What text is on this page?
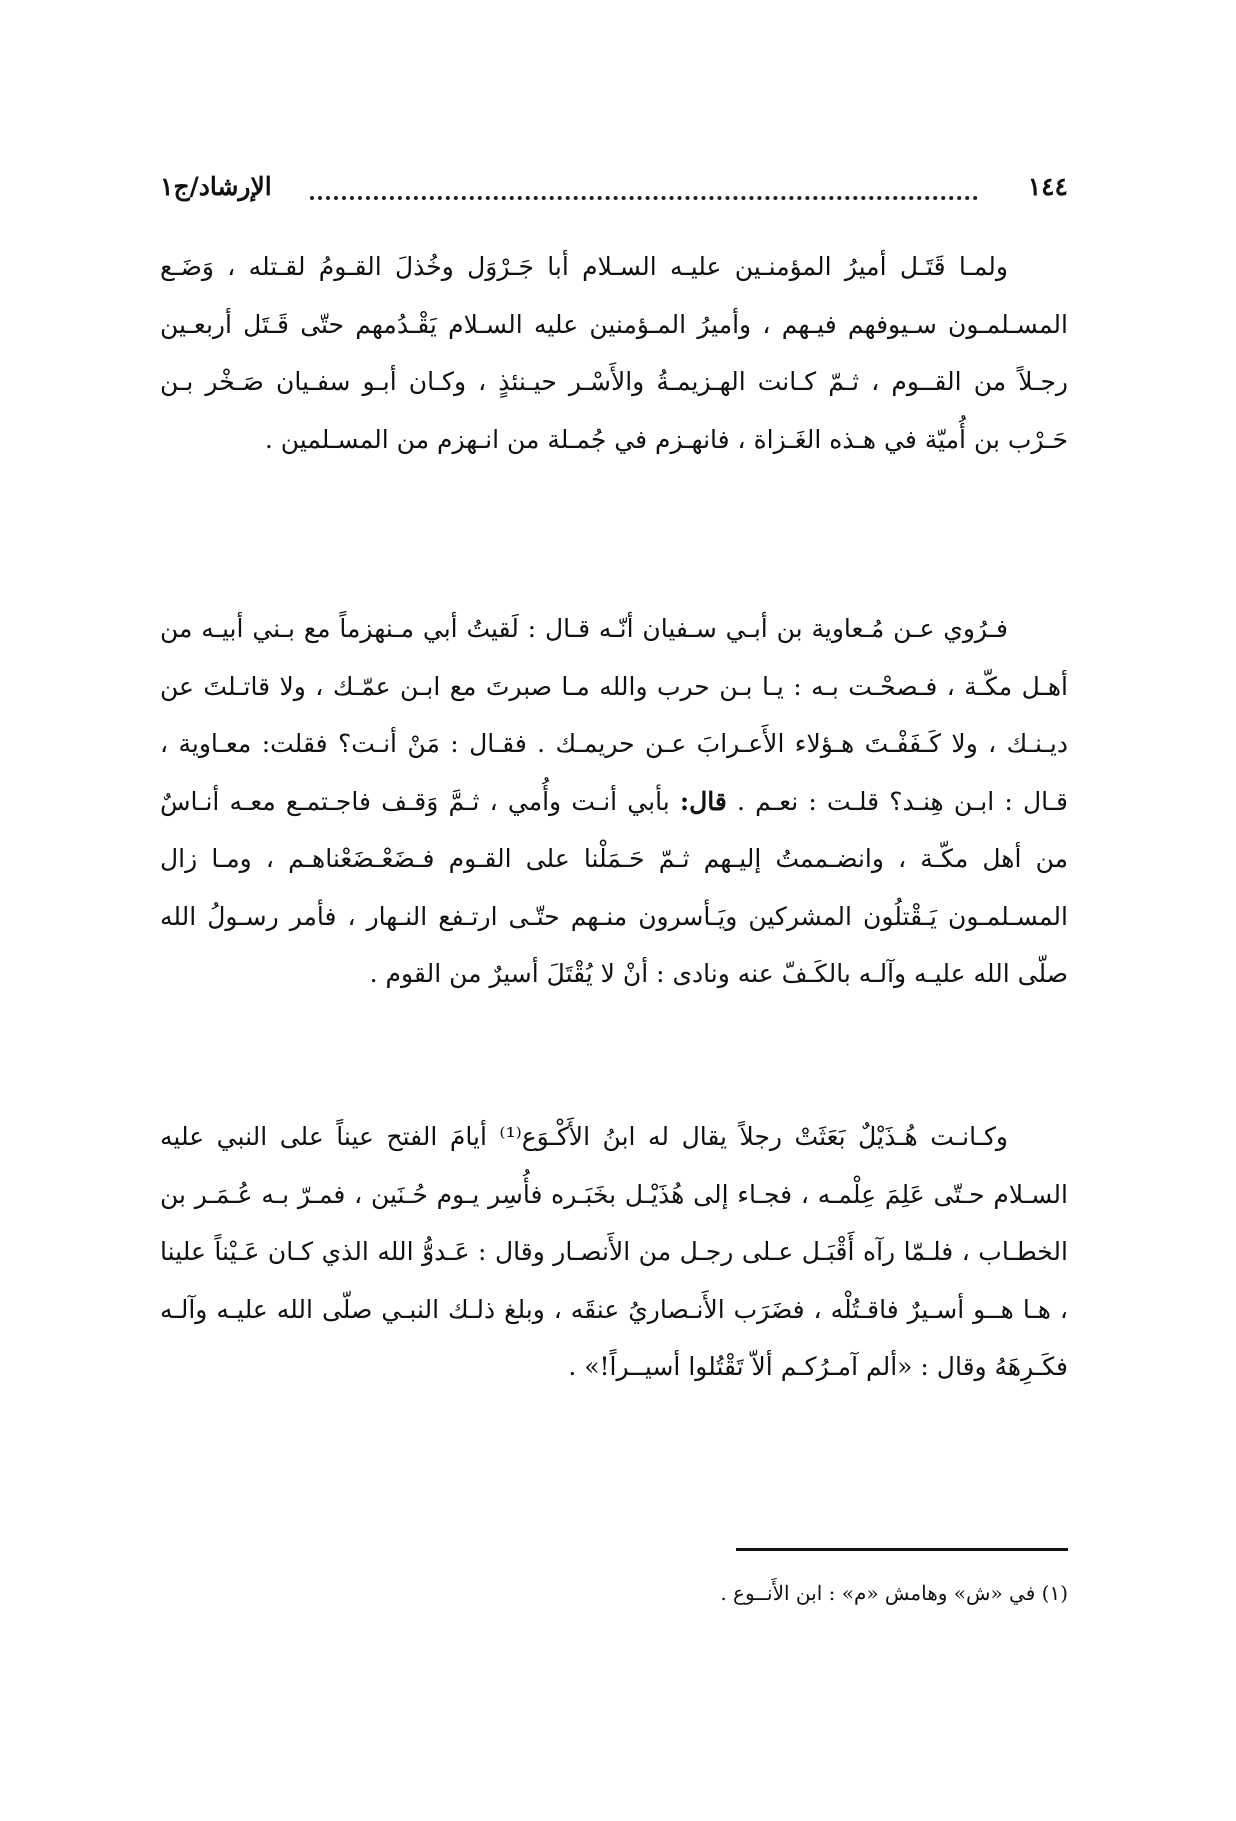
الإرشاد/ج١	١٤٤

ولمـا قَتَـل أميرُ المؤمنـين عليـه السـلام أبا جَـرْوَل وخُذلَ القـومُ لقـتله ، وَضَـع المسـلمـون سـيوفهم فيـهم ، وأميرُ المـؤمنين عليه السـلام يَقْـدُمهم حتّى قَـتَل أربعـين رجـلاً من القــوم ، ثـمّ كـانت الهـزيمـةُ والأَسْـر حيـنئذٍ ، وكـان أبـو سفـيان صَـخْر بـن حَـرْب بن أُميّة في هـذه الغَـزاة ، فانهـزم في جُمـلة من انـهزم من المسـلمين .

فـرُوي عـن مُـعاوية بن أبـي سـفيان أنّـه قـال : لَقيتُ أبي مـنهزماً مع بـني أبيـه من أهـل مكّـة ، فـصحْـت بـه : يـا بـن حرب والله مـا صبرتَ مع ابـن عمّـك ، ولا قاتـلتَ عن ديـنـك ، ولا كَـفَفْـتَ هـؤلاء الأَعـرابَ عـن حريمـك . فقـال : مَنْ أنـت؟ فقلت: معـاوية ، قـال : ابـن هِنـد؟ قلـت : نعـم . قال: بأبي أنـت وأُمي ، ثـمَّ وَقـف فاجـتمـع معـه أنـاسٌ من أهل مكّـة ، وانضـممتُ إليـهم ثـمّ حَـمَلْنا على القـوم فـضَعْـضَعْناهـم ، ومـا زال المسـلمـون يَـقْتلُون المشركين ويَـأسرون منـهم حتّـى ارتـفع النـهار ، فأمر رسـولُ الله صلّى الله عليـه وآلـه بالكَـفّ عنه ونادى : أنْ لا يُقْتَلَ أسيرٌ من القوم .

وكـانـت هُـذَيْلٌ بَعَثَتْ رجلاً يقال له ابنُ الأَكْـوَع⁽¹⁾ أيامَ الفتح عيناً على النبي عليه السـلام حـتّى عَلِمَ عِلْمـه ، فجـاء إلى هُذَيْـل بخَبَـره فأُسِر يـوم حُـنَين ، فمـرّ بـه عُـمَـر بن الخطـاب ، فلـمّا رآه أَقْبَـل عـلى رجـل من الأَنصـار وقال : عَـدوُّ الله الذي كـان عَـيْناً علينا ، هـا هــو أسـيرٌ فاقـتُلْه ، فضَرَب الأَنـصاريُ عنقَه ، وبلغ ذلـك النبـي صلّى الله عليـه وآلـه فكَـرِهَهُ وقال : «ألم آمـرُكـم ألاّ تَقْتُلوا أسيــراً!» .

(١) في «ش» وهامش «م» : ابن الأَنــوع .
